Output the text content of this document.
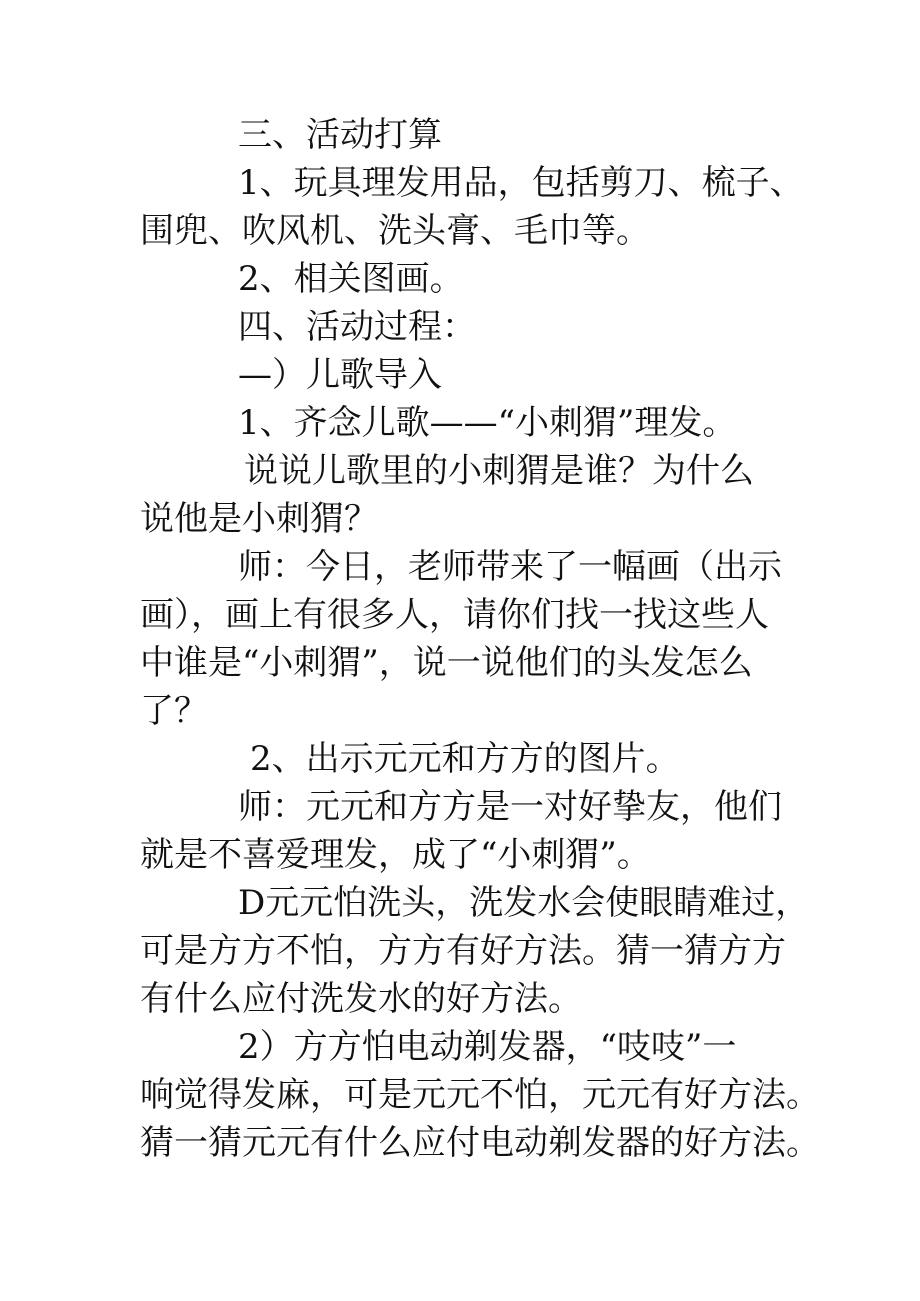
三、活动打算
1、玩具理发用品，包括剪刀、梳子、
围兜、吹风机、洗头膏、毛巾等。
2、相关图画。
四、活动过程：
—）儿歌导入
1、齐念儿歌——“小刺猬”理发。
说说儿歌里的小刺猬是谁？为什么
说他是小刺猬？
师：今日，老师带来了一幅画（出示
画），画上有很多人，请你们找一找这些人
中谁是“小刺猬”，说一说他们的头发怎么
了？
2、出示元元和方方的图片。
师：元元和方方是一对好挚友，他们
就是不喜爱理发，成了“小刺猬”。
D元元怕洗头，洗发水会使眼睛难过，
可是方方不怕，方方有好方法。猜一猜方方
有什么应付洗发水的好方法。
2）方方怕电动剃发器，“吱吱”一
响觉得发麻，可是元元不怕，元元有好方法。
猜一猜元元有什么应付电动剃发器的好方法。
